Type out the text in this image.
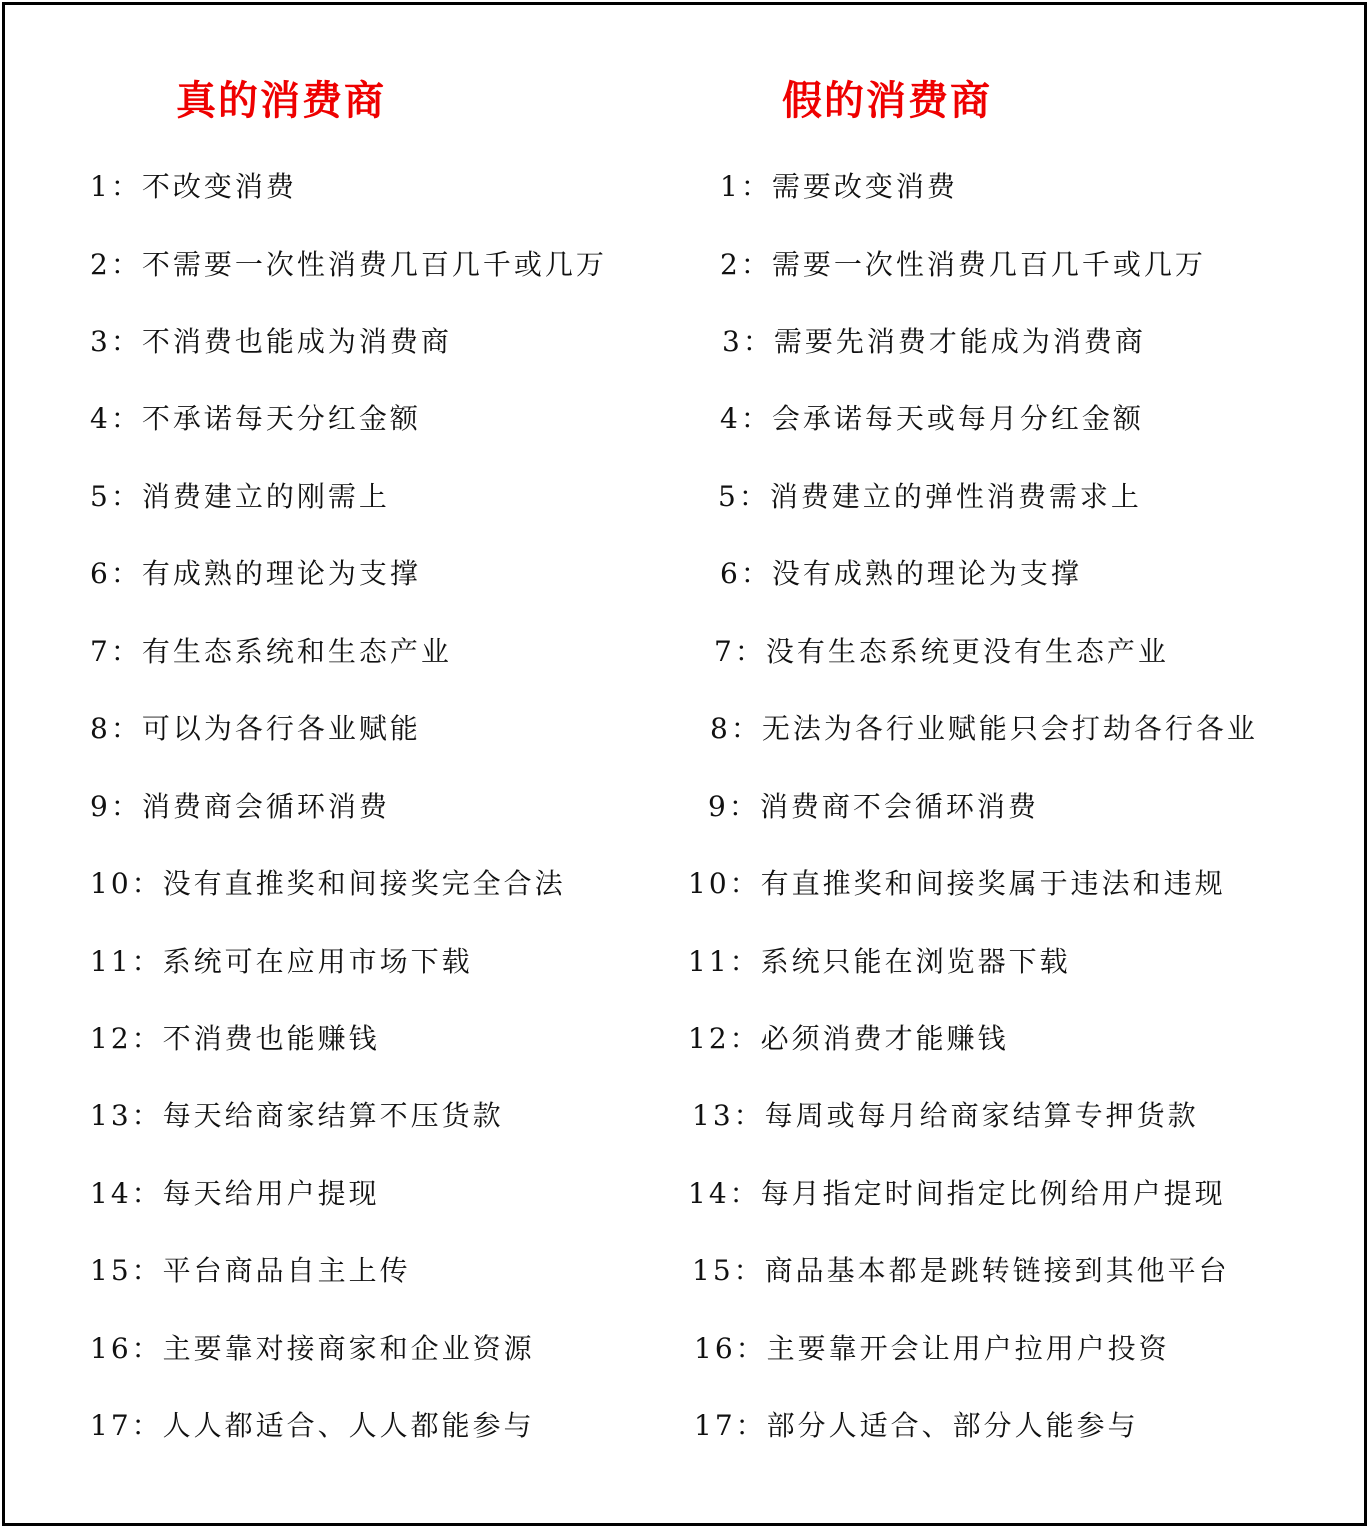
真的消费商	假的消费商
1：不改变消费
2：不需要一次性消费几百几千或几万
3：不消费也能成为消费商
4：不承诺每天分红金额
5：消费建立的刚需上
6：有成熟的理论为支撑
7：有生态系统和生态产业
8：可以为各行各业赋能
9：消费商会循环消费
10：没有直推奖和间接奖完全合法
11：系统可在应用市场下载
12：不消费也能赚钱
13：每天给商家结算不压货款
14：每天给用户提现
15：平台商品自主上传
16：主要靠对接商家和企业资源
17：人人都适合、人人都能参与
1：需要改变消费
2：需要一次性消费几百几千或几万
3：需要先消费才能成为消费商
4：会承诺每天或每月分红金额
5：消费建立的弹性消费需求上
6：没有成熟的理论为支撑
7：没有生态系统更没有生态产业
8：无法为各行业赋能只会打劫各行各业
9：消费商不会循环消费
10：有直推奖和间接奖属于违法和违规
11：系统只能在浏览器下载
12：必须消费才能赚钱
13：每周或每月给商家结算专押货款
14：每月指定时间指定比例给用户提现
15：商品基本都是跳转链接到其他平台
16：主要靠开会让用户拉用户投资
17：部分人适合、部分人能参与
